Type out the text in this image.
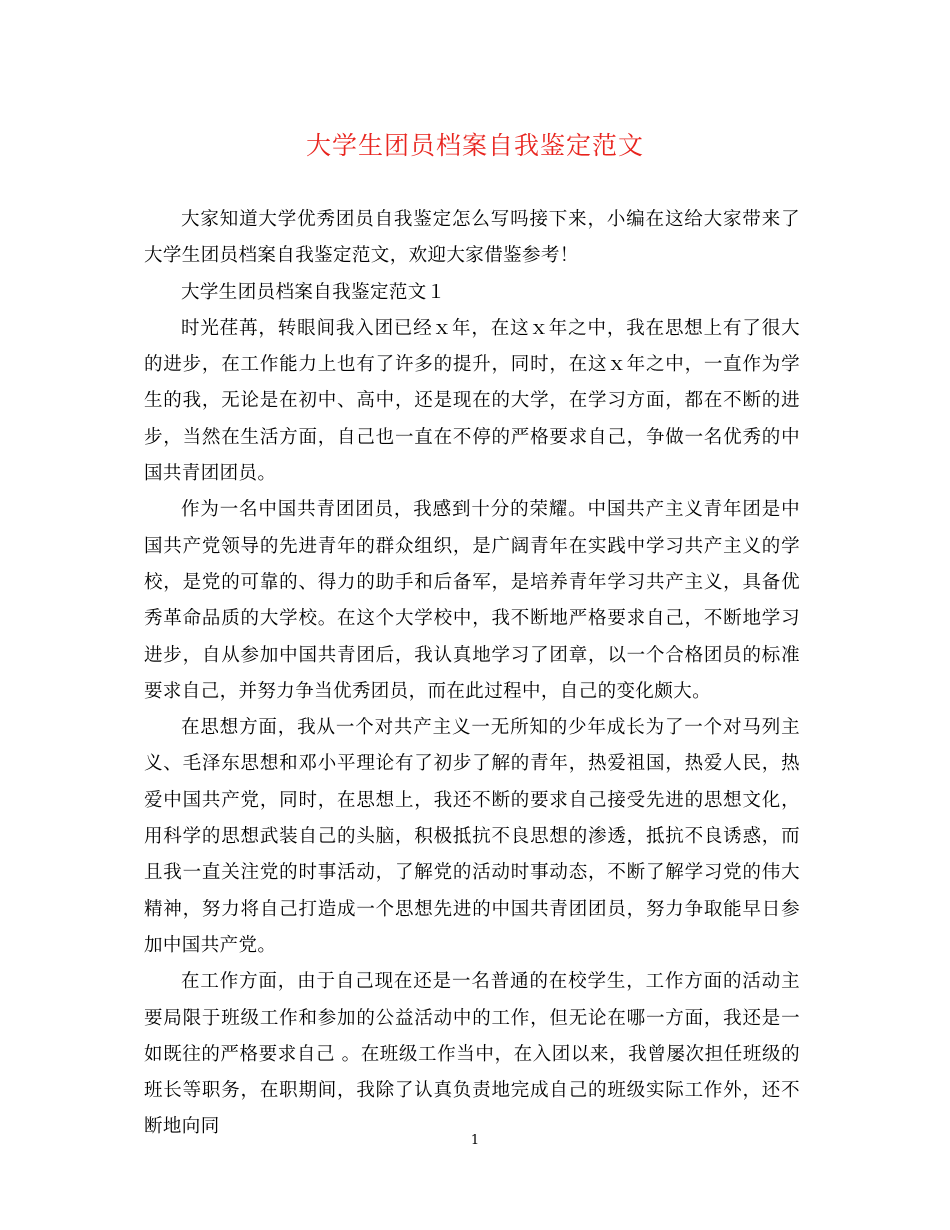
大学生团员档案自我鉴定范文

大家知道大学优秀团员自我鉴定怎么写吗接下来，小编在这给大家带来了大学生团员档案自我鉴定范文，欢迎大家借鉴参考！

大学生团员档案自我鉴定范文１

时光荏苒，转眼间我入团已经ｘ年，在这ｘ年之中，我在思想上有了很大的进步，在工作能力上也有了许多的提升，同时，在这ｘ年之中，一直作为学生的我，无论是在初中、高中，还是现在的大学，在学习方面，都在不断的进步，当然在生活方面，自己也一直在不停的严格要求自己，争做一名优秀的中国共青团团员。

作为一名中国共青团团员，我感到十分的荣耀。中国共产主义青年团是中国共产党领导的先进青年的群众组织，是广阔青年在实践中学习共产主义的学校，是党的可靠的、得力的助手和后备军，是培养青年学习共产主义，具备优秀革命品质的大学校。在这个大学校中，我不断地严格要求自己，不断地学习进步，自从参加中国共青团后，我认真地学习了团章，以一个合格团员的标准要求自己，并努力争当优秀团员，而在此过程中，自己的变化颇大。

在思想方面，我从一个对共产主义一无所知的少年成长为了一个对马列主义、毛泽东思想和邓小平理论有了初步了解的青年，热爱祖国，热爱人民，热爱中国共产党，同时，在思想上，我还不断的要求自己接受先进的思想文化，用科学的思想武装自己的头脑，积极抵抗不良思想的渗透，抵抗不良诱惑，而且我一直关注党的时事活动，了解党的活动时事动态，不断了解学习党的伟大精神，努力将自己打造成一个思想先进的中国共青团团员，努力争取能早日参加中国共产党。

在工作方面，由于自己现在还是一名普通的在校学生，工作方面的活动主要局限于班级工作和参加的公益活动中的工作，但无论在哪一方面，我还是一如既往的严格要求自己 。在班级工作当中，在入团以来，我曾屡次担任班级的班长等职务，在职期间，我除了认真负责地完成自己的班级实际工作外，还不断地向同

1
